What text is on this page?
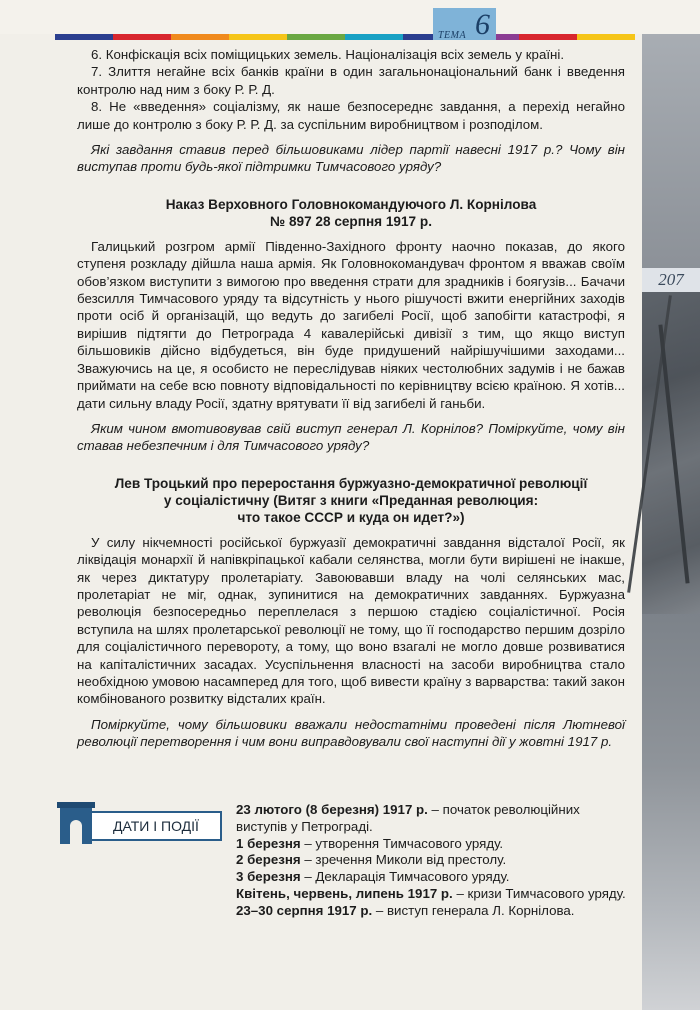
ТЕМА 6
207

6. Конфіскація всіх поміщицьких земель. Націоналізація всіх земель у країні.

7. Злиття негайне всіх банків країни в один загальнонаціональний банк і введення контролю над ним з боку Р. Р. Д.

8. Не «введення» соціалізму, як наше безпосереднє завдання, а перехід негайно лише до контролю з боку Р. Р. Д. за суспільним виробництвом і розподілом.

Які завдання ставив перед більшовиками лідер партії навесні 1917 р.? Чому він виступав проти будь-якої підтримки Тимчасового уряду?

Наказ Верховного Головнокомандуючого Л. Корнілова
№ 897 28 серпня 1917 р.

Галицький розгром армії Південно-Західного фронту наочно показав, до якого ступеня розкладу дійшла наша армія. Як Головнокомандувач фронтом я вважав своїм обов’язком виступити з вимогою про введення страти для зрадників і боягузів... Бачачи безсилля Тимчасового уряду та відсутність у нього рішучості вжити енергійних заходів проти осіб й організацій, що ведуть до загибелі Росії, щоб запобігти катастрофі, я вирішив підтягти до Петрограда 4 кавалерійські дивізії з тим, що якщо виступ більшовиків дійсно відбудеться, він буде придушений найрішучішими заходами... Зважуючись на це, я особисто не переслідував ніяких честолюбних задумів і не бажав приймати на себе всю повноту відповідальності по керівництву всією країною. Я хотів... дати сильну владу Росії, здатну врятувати її від загибелі й ганьби.

Яким чином вмотивовував свій виступ генерал Л. Корнілов? Поміркуйте, чому він ставав небезпечним і для Тимчасового уряду?

Лев Троцький про переростання буржуазно-демократичної революції
у соціалістичну (Витяг з книги «Преданная революция:
что такое СССР и куда он идет?»)

У силу нікчемності російської буржуазії демократичні завдання відсталої Росії, як ліквідація монархії й напівкріпацької кабали селянства, могли бути вирішені не інакше, як через диктатуру пролетаріату. Завоювавши владу на чолі селянських мас, пролетаріат не міг, однак, зупинитися на демократичних завданнях. Буржуазна революція безпосередньо переплелася з першою стадією соціалістичної. Росія вступила на шлях пролетарської революції не тому, що її господарство першим дозріло для соціалістичного перевороту, а тому, що воно взагалі не могло довше розвиватися на капіталістичних засадах. Усуспільнення власності на засоби виробництва стало необхідною умовою насамперед для того, щоб вивести країну з варварства: такий закон комбінованого розвитку відсталих країн.

Поміркуйте, чому більшовики вважали недостатніми проведені після Лютневої революції перетворення і чим вони виправдовували свої наступні дії у жовтні 1917 р.

ДАТИ І ПОДІЇ

23 лютого (8 березня) 1917 р. – початок революційних виступів у Петрограді.

1 березня – утворення Тимчасового уряду.

2 березня – зречення Миколи від престолу.

3 березня – Декларація Тимчасового уряду.

Квітень, червень, липень 1917 р. – кризи Тимчасового уряду.

23–30 серпня 1917 р. – виступ генерала Л. Корнілова.
